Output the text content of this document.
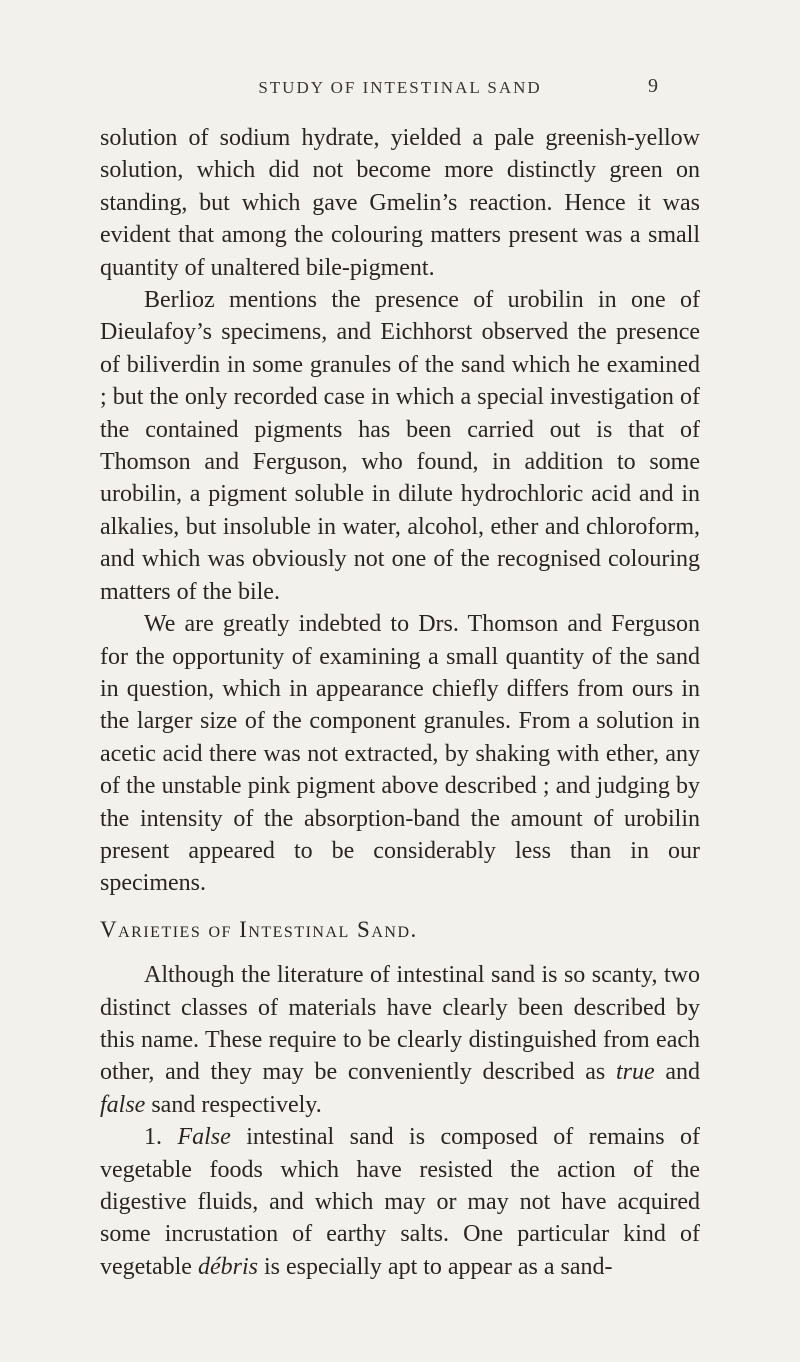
STUDY OF INTESTINAL SAND	9

solution of sodium hydrate, yielded a pale greenish-yellow solution, which did not become more distinctly green on standing, but which gave Gmelin’s reaction. Hence it was evident that among the colouring matters present was a small quantity of unaltered bile-pigment.

Berlioz mentions the presence of urobilin in one of Dieulafoy’s specimens, and Eichhorst observed the presence of biliverdin in some granules of the sand which he examined ; but the only recorded case in which a special investigation of the contained pigments has been carried out is that of Thomson and Ferguson, who found, in addition to some urobilin, a pigment soluble in dilute hydrochloric acid and in alkalies, but insoluble in water, alcohol, ether and chloroform, and which was obviously not one of the recognised colouring matters of the bile.

We are greatly indebted to Drs. Thomson and Ferguson for the opportunity of examining a small quantity of the sand in question, which in appearance chiefly differs from ours in the larger size of the component granules. From a solution in acetic acid there was not extracted, by shaking with ether, any of the unstable pink pigment above described ; and judging by the intensity of the absorption-band the amount of urobilin present appeared to be considerably less than in our specimens.

Varieties of Intestinal Sand.

Although the literature of intestinal sand is so scanty, two distinct classes of materials have clearly been described by this name. These require to be clearly distinguished from each other, and they may be conveniently described as true and false sand respectively.

1. False intestinal sand is composed of remains of vegetable foods which have resisted the action of the digestive fluids, and which may or may not have acquired some incrustation of earthy salts. One particular kind of vegetable débris is especially apt to appear as a sand-
